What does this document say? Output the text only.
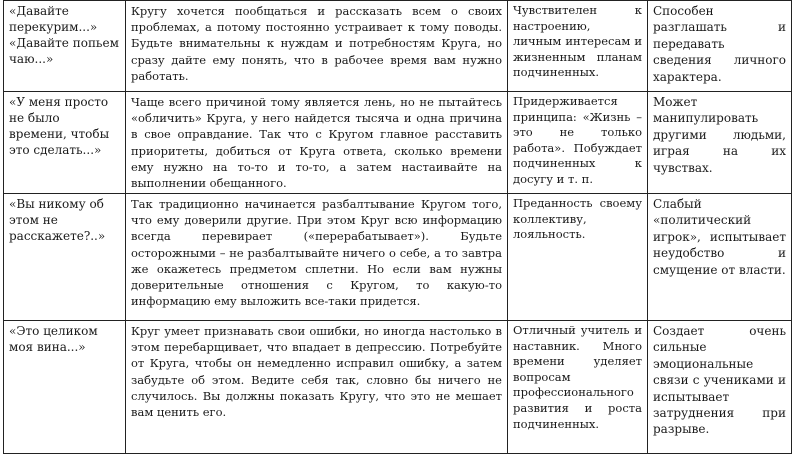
«Давайте перекурим...» «Давайте попьем чаю...»	Кругу хочется пообщаться и рассказать всем о своих проблемах, а потому постоянно устраивает к тому поводы. Будьте внимательны к нуждам и потребностям Круга, но сразу дайте ему понять, что в рабочее время вам нужно работать.	Чувствителен к настроению, личным интересам и жизненным планам подчиненных.	Способен разглашать и передавать сведения личного характера.

«У меня просто не было времени, чтобы это сделать...»	Чаще всего причиной тому является лень, но не пытайтесь «обличить» Круга, у него найдется тысяча и одна причина в свое оправдание. Так что с Кругом главное расставить приоритеты, добиться от Круга ответа, сколько времени ему нужно на то-то и то-то, а затем настаивайте на выполнении обещанного.	Придерживается принципа: «Жизнь – это не только работа». Побуждает подчиненных к досугу и т. п.	Может манипулировать другими людьми, играя на их чувствах.

«Вы никому об этом не расскажете?..»	Так традиционно начинается разбалтывание Кругом того, что ему доверили другие. При этом Круг всю информацию всегда перевирает («перерабатывает»). Будьте осторожными – не разбалтывайте ничего о себе, а то завтра же окажетесь предметом сплетни. Но если вам нужны доверительные отношения с Кругом, то какую-то информацию ему выложить все-таки придется.	Преданность своему коллективу, лояльность.	Слабый «политический игрок», испытывает неудобство и смущение от власти.

«Это целиком моя вина...»	Круг умеет признавать свои ошибки, но иногда настолько в этом перебарщивает, что впадает в депрессию. Потребуйте от Круга, чтобы он немедленно исправил ошибку, а затем забудьте об этом. Ведите себя так, словно бы ничего не случилось. Вы должны показать Кругу, что это не мешает вам ценить его.	Отличный учитель и наставник. Много времени уделяет вопросам профессионального развития и роста подчиненных.	Создает очень сильные эмоциональные связи с учениками и испытывает затруднения при разрыве.
